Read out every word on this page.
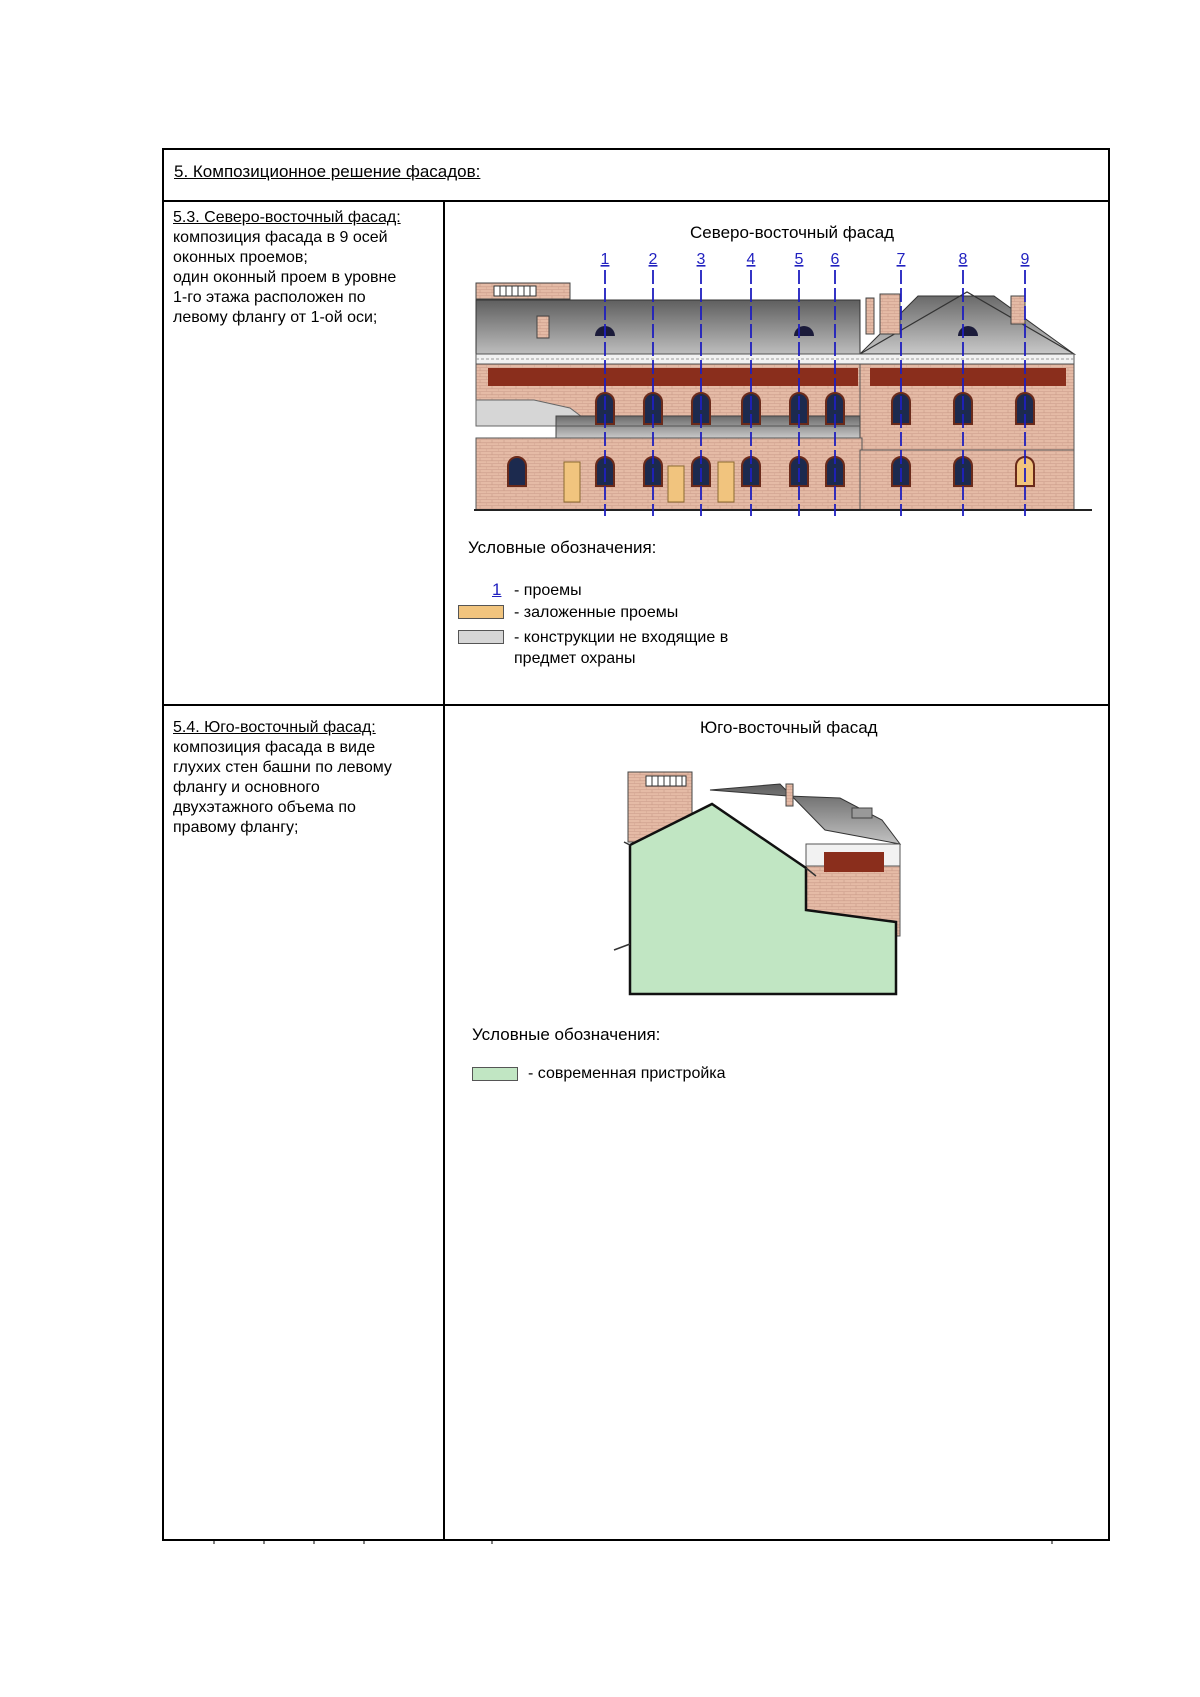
5. Композиционное решение фасадов:
5.3. Северо-восточный фасад:
композиция фасада в 9 осей
оконных проемов;
один оконный проем в уровне
1-го этажа расположен по
левому флангу от 1-ой оси;
5.4. Юго-восточный фасад:
композиция фасада в виде
глухих стен башни по левому
флангу и основного
двухэтажного объема по
правому флангу;
Северо-восточный фасад
1 2 3	4 5 6	7	8	9
Условные обозначения:
1 - проемы
- заложенные проемы
- конструкции не входящие в
предмет охраны
Юго-восточный фасад
Условные обозначения:
- современная пристройка
